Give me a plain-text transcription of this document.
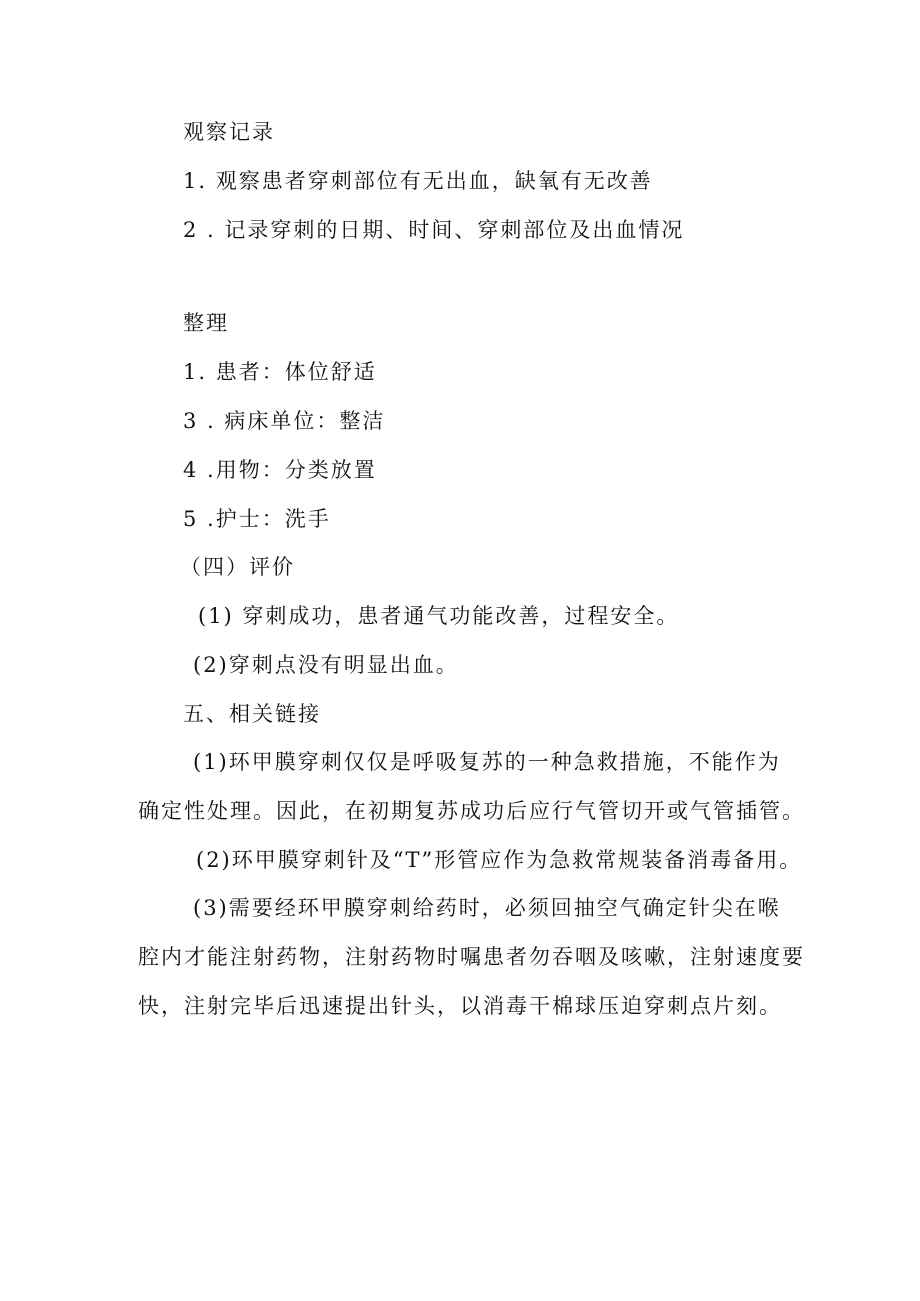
观察记录
1. 观察患者穿刺部位有无出血，缺氧有无改善
2 . 记录穿刺的日期、时间、穿刺部位及出血情况
整理
1. 患者：体位舒适
3 . 病床单位：整洁
4 .用物：分类放置
5 .护士：洗手
（四）评价
(1) 穿刺成功，患者通气功能改善，过程安全。
(2)穿刺点没有明显出血。
五、相关链接
(1)环甲膜穿刺仅仅是呼吸复苏的一种急救措施，不能作为
确定性处理。因此，在初期复苏成功后应行气管切开或气管插管。
(2)环甲膜穿刺针及“T”形管应作为急救常规装备消毒备用。
(3)需要经环甲膜穿刺给药时，必须回抽空气确定针尖在喉
腔内才能注射药物，注射药物时嘱患者勿吞咽及咳嗽，注射速度要
快，注射完毕后迅速提出针头，以消毒干棉球压迫穿刺点片刻。
